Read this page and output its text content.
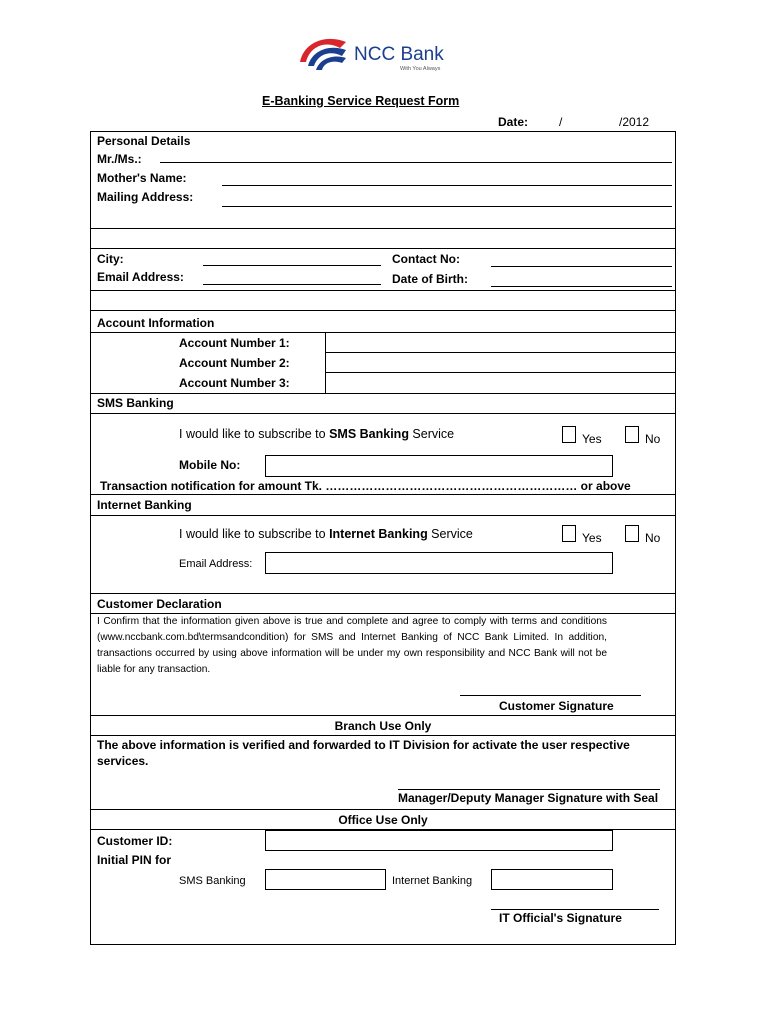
NCC Bank
With You Always
E-Banking Service Request Form
Date:	/	/2012
Personal Details
Mr./Ms.:
Mother's Name:
Mailing Address:
City:	Contact No:
Email Address:	Date of Birth:
Account Information
Account Number 1:
Account Number 2:
Account Number 3:
SMS Banking
I would like to subscribe to SMS Banking Service	Yes	No
Mobile No:
Transaction notification for amount Tk. ……………………………………………………… or above
Internet Banking
I would like to subscribe to Internet Banking Service	Yes	No
Email Address:
Customer Declaration
I Confirm that the information given above is true and complete and agree to comply with terms and conditions (www.nccbank.com.bd\termsandcondition) for SMS and Internet Banking of NCC Bank Limited. In addition, transactions occurred by using above information will be under my own responsibility and NCC Bank will not be liable for any transaction.
Customer Signature
Branch Use Only
The above information is verified and forwarded to IT Division for activate the user respective
services.
Manager/Deputy Manager Signature with Seal
Office Use Only
Customer ID:
Initial PIN for
SMS Banking	Internet Banking
IT Official's Signature
